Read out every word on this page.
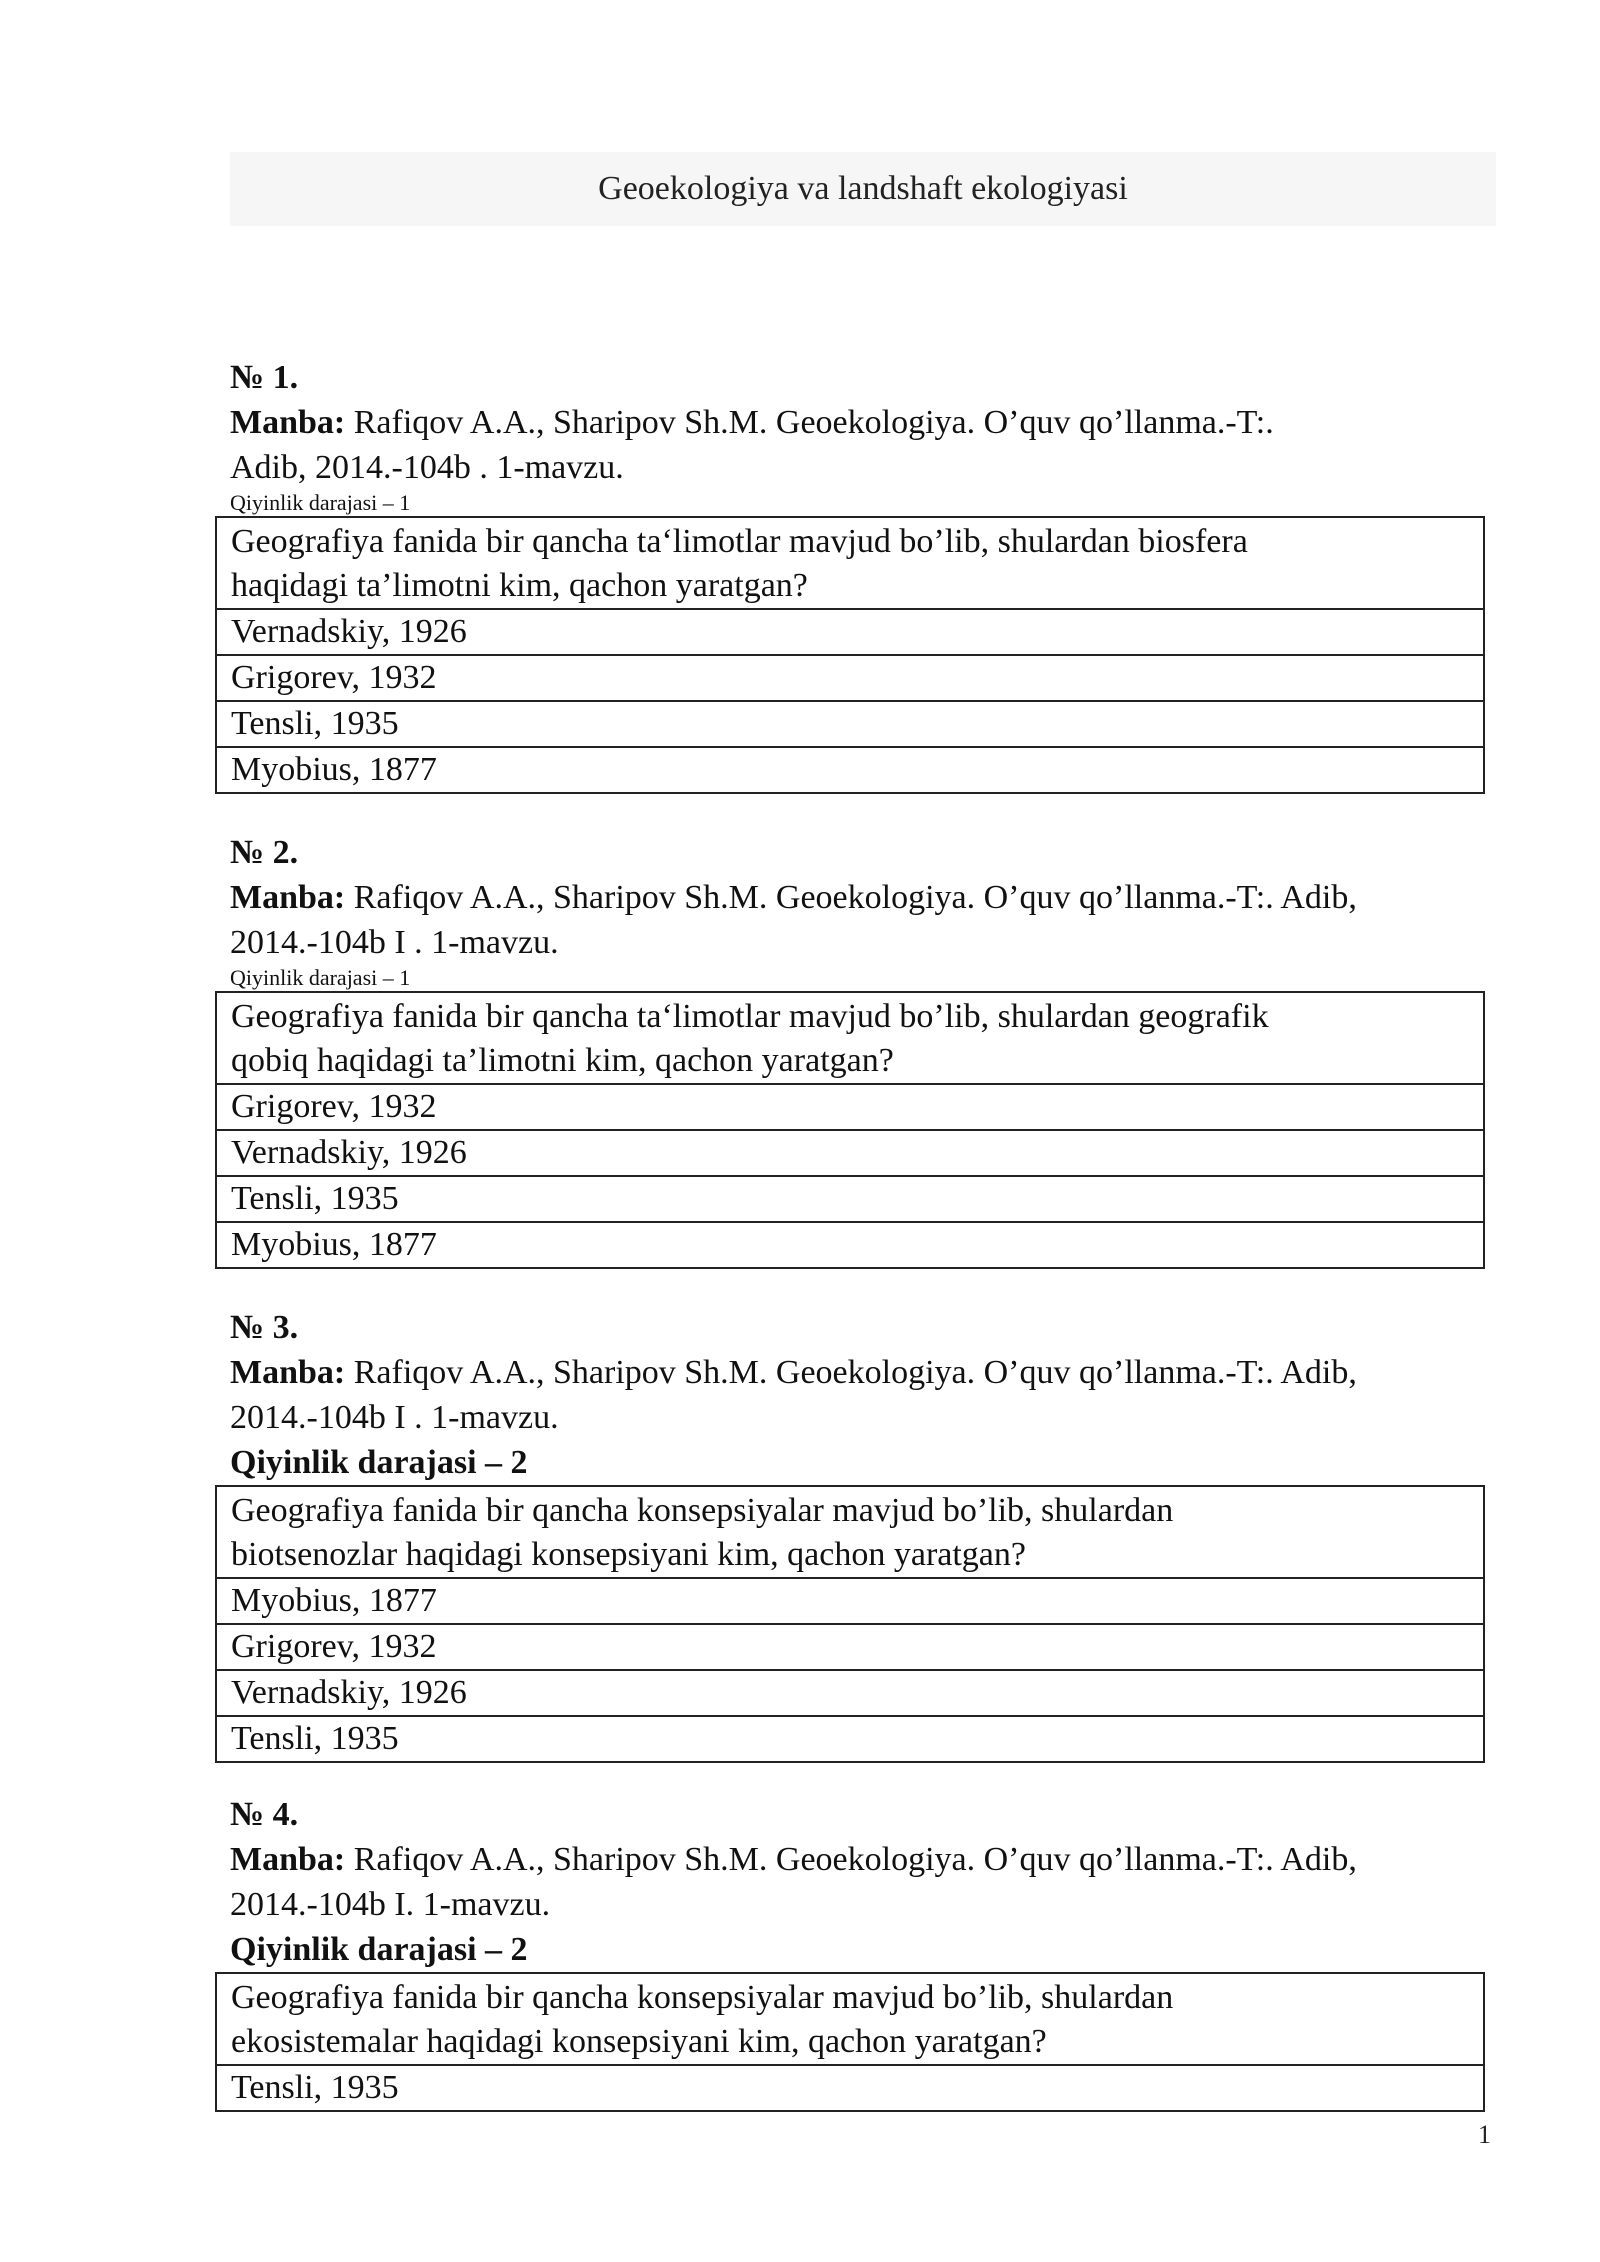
Geoekologiya va landshaft ekologiyasi

№ 1.

Manba: Rafiqov A.A., Sharipov Sh.M. Geoekologiya. O’quv qo’llanma.-T:.

Adib, 2014.-104b . 1-mavzu.

Qiyinlik darajasi – 1

Geografiya fanida bir qancha ta‘limotlar mavjud bo’lib, shulardan biosfera
haqidagi ta’limotni kim, qachon yaratgan?
Vernadskiy, 1926
Grigorev, 1932
Tensli, 1935
Myobius, 1877

№ 2.

Manba: Rafiqov A.A., Sharipov Sh.M. Geoekologiya. O’quv qo’llanma.-T:. Adib,

2014.-104b I . 1-mavzu.

Qiyinlik darajasi – 1

Geografiya fanida bir qancha ta‘limotlar mavjud bo’lib, shulardan geografik
qobiq haqidagi ta’limotni kim, qachon yaratgan?
Grigorev, 1932
Vernadskiy, 1926
Tensli, 1935
Myobius, 1877

№ 3.

Manba: Rafiqov A.A., Sharipov Sh.M. Geoekologiya. O’quv qo’llanma.-T:. Adib,

2014.-104b I . 1-mavzu.

Qiyinlik darajasi – 2

Geografiya fanida bir qancha konsepsiyalar mavjud bo’lib, shulardan
biotsenozlar haqidagi konsepsiyani kim, qachon yaratgan?
Myobius, 1877
Grigorev, 1932
Vernadskiy, 1926
Tensli, 1935

№ 4.

Manba: Rafiqov A.A., Sharipov Sh.M. Geoekologiya. O’quv qo’llanma.-T:. Adib,

2014.-104b I. 1-mavzu.

Qiyinlik darajasi – 2

Geografiya fanida bir qancha konsepsiyalar mavjud bo’lib, shulardan
ekosistemalar haqidagi konsepsiyani kim, qachon yaratgan?
Tensli, 1935
1
